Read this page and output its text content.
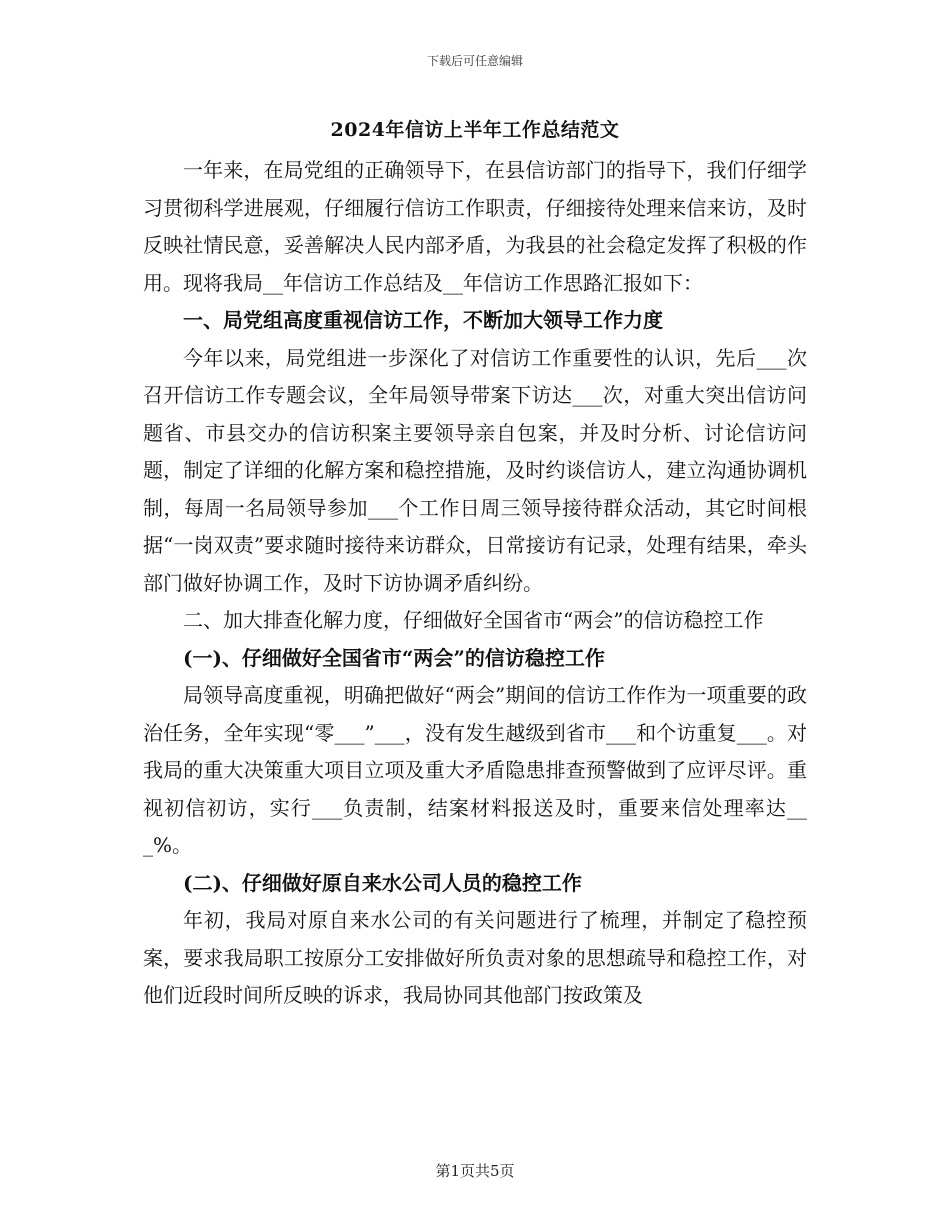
下载后可任意编辑
2024年信访上半年工作总结范文

一年来，在局党组的正确领导下，在县信访部门的指导下，我们仔细学习贯彻科学进展观，仔细履行信访工作职责，仔细接待处理来信来访，及时反映社情民意，妥善解决人民内部矛盾，为我县的社会稳定发挥了积极的作用。现将我局__年信访工作总结及__年信访工作思路汇报如下：

一、局党组高度重视信访工作，不断加大领导工作力度

今年以来，局党组进一步深化了对信访工作重要性的认识，先后___次召开信访工作专题会议，全年局领导带案下访达___次，对重大突出信访问题省、市县交办的信访积案主要领导亲自包案，并及时分析、讨论信访问题，制定了详细的化解方案和稳控措施，及时约谈信访人，建立沟通协调机制，每周一名局领导参加___个工作日周三领导接待群众活动，其它时间根据“一岗双责”要求随时接待来访群众，日常接访有记录，处理有结果，牵头部门做好协调工作，及时下访协调矛盾纠纷。

二、加大排查化解力度，仔细做好全国省市“两会”的信访稳控工作

(一)、仔细做好全国省市“两会”的信访稳控工作

局领导高度重视，明确把做好“两会”期间的信访工作作为一项重要的政治任务，全年实现“零___”___，没有发生越级到省市___和个访重复___。对我局的重大决策重大项目立项及重大矛盾隐患排查预警做到了应评尽评。重视初信初访，实行___负责制，结案材料报送及时，重要来信处理率达___%。

(二)、仔细做好原自来水公司人员的稳控工作

年初，我局对原自来水公司的有关问题进行了梳理，并制定了稳控预案，要求我局职工按原分工安排做好所负责对象的思想疏导和稳控工作，对他们近段时间所反映的诉求，我局协同其他部门按政策及

第1页共5页
